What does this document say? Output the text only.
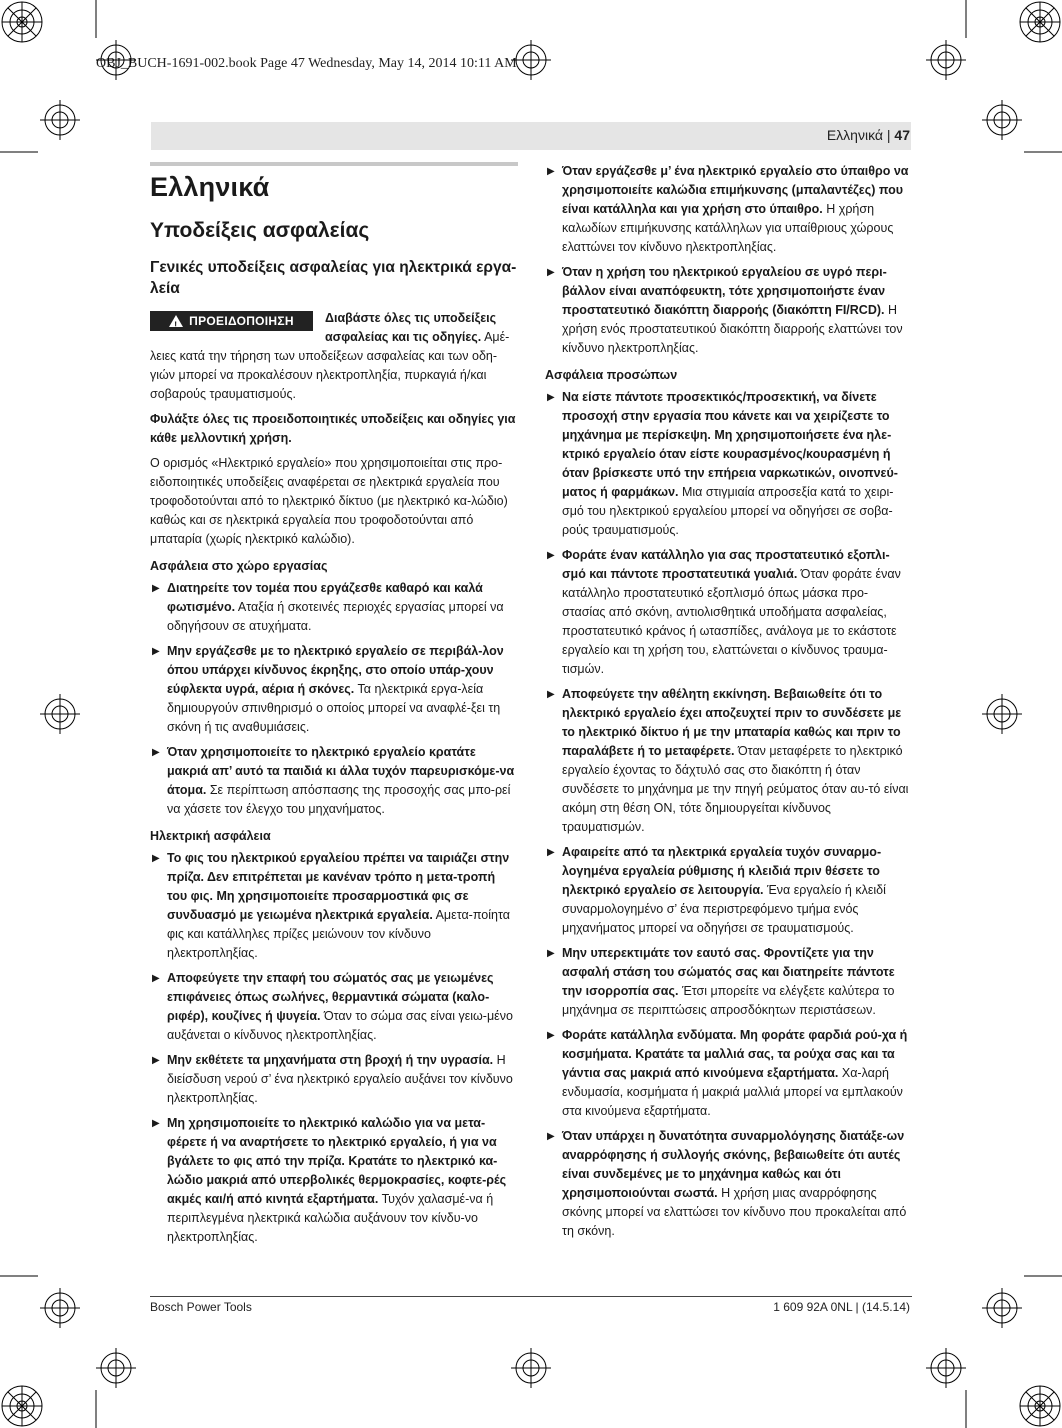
OBJ_BUCH-1691-002.book Page 47 Wednesday, May 14, 2014 10:11 AM
Ελληνικά | 47
Ελληνικά
Υποδείξεις ασφαλείας
Γενικές υποδείξεις ασφαλείας για ηλεκτρικά εργα-λεία

!
ΠΡΟΕΙΔΟΠΟΙΗΣΗ Διαβάστε όλες τις υποδείξεις ασφαλείας και τις οδηγίες. Αμέ-λειες κατά την τήρηση των υποδείξεων ασφαλείας και των οδη-γιών μπορεί να προκαλέσουν ηλεκτροπληξία, πυρκαγιά ή/και σοβαρούς τραυματισμούς.

Φυλάξτε όλες τις προειδοποιητικές υποδείξεις και οδηγίες για κάθε μελλοντική χρήση.

Ο ορισμός «Ηλεκτρικό εργαλείο» που χρησιμοποιείται στις προ-ειδοποιητικές υποδείξεις αναφέρεται σε ηλεκτρικά εργαλεία που τροφοδοτούνται από το ηλεκτρικό δίκτυο (με ηλεκτρικό κα-λώδιο) καθώς και σε ηλεκτρικά εργαλεία που τροφοδοτούνται από μπαταρία (χωρίς ηλεκτρικό καλώδιο).

Ασφάλεια στο χώρο εργασίας
▶ Διατηρείτε τον τομέα που εργάζεσθε καθαρό και καλά φωτισμένο. Αταξία ή σκοτεινές περιοχές εργασίας μπορεί να οδηγήσουν σε ατυχήματα.
▶ Μην εργάζεσθε με το ηλεκτρικό εργαλείο σε περιβάλ-λον όπου υπάρχει κίνδυνος έκρηξης, στο οποίο υπάρ-χουν εύφλεκτα υγρά, αέρια ή σκόνες. Τα ηλεκτρικά εργα-λεία δημιουργούν σπινθηρισμό ο οποίος μπορεί να αναφλέ-ξει τη σκόνη ή τις αναθυμιάσεις.
▶ Όταν χρησιμοποιείτε το ηλεκτρικό εργαλείο κρατάτε μακριά απ’ αυτό τα παιδιά κι άλλα τυχόν παρευρισκόμε-να άτομα. Σε περίπτωση απόσπασης της προσοχής σας μπο-ρεί να χάσετε τον έλεγχο του μηχανήματος.
Ηλεκτρική ασφάλεια
▶ Το φις του ηλεκτρικού εργαλείου πρέπει να ταιριάζει στην πρίζα. Δεν επιτρέπεται με κανέναν τρόπο η μετα-τροπή του φις. Μη χρησιμοποιείτε προσαρμοστικά φις σε συνδυασμό με γειωμένα ηλεκτρικά εργαλεία. Αμετα-ποίητα φις και κατάλληλες πρίζες μειώνουν τον κίνδυνο ηλεκτροπληξίας.
▶ Αποφεύγετε την επαφή του σώματός σας με γειωμένες επιφάνειες όπως σωλήνες, θερμαντικά σώματα (καλο-ριφέρ), κουζίνες ή ψυγεία. Όταν το σώμα σας είναι γειω-μένο αυξάνεται ο κίνδυνος ηλεκτροπληξίας.
▶ Μην εκθέτετε τα μηχανήματα στη βροχή ή την υγρασία. Η διείσδυση νερού σ’ ένα ηλεκτρικό εργαλείο αυξάνει τον κίνδυνο ηλεκτροπληξίας.
▶ Μη χρησιμοποιείτε το ηλεκτρικό καλώδιο για να μετα-φέρετε ή να αναρτήσετε το ηλεκτρικό εργαλείο, ή για να βγάλετε το φις από την πρίζα. Κρατάτε το ηλεκτρικό κα-λώδιο μακριά από υπερβολικές θερμοκρασίες, κοφτε-ρές ακμές και/ή από κινητά εξαρτήματα. Τυχόν χαλασμέ-να ή περιπλεγμένα ηλεκτρικά καλώδια αυξάνουν τον κίνδυ-νο ηλεκτροπληξίας.
▶ Όταν εργάζεσθε μ’ ένα ηλεκτρικό εργαλείο στο ύπαιθρο να χρησιμοποιείτε καλώδια επιμήκυνσης (μπαλαντέζες) που είναι κατάλληλα και για χρήση στο ύπαιθρο. Η χρήση καλωδίων επιμήκυνσης κατάλληλων για υπαίθριους χώρους ελαττώνει τον κίνδυνο ηλεκτροπληξίας.
▶ Όταν η χρήση του ηλεκτρικού εργαλείου σε υγρό περι-βάλλον είναι αναπόφευκτη, τότε χρησιμοποιήστε έναν προστατευτικό διακόπτη διαρροής (διακόπτη FI/RCD). Η χρήση ενός προστατευτικού διακόπτη διαρροής ελαττώνει τον κίνδυνο ηλεκτροπληξίας.
Ασφάλεια προσώπων
▶ Να είστε πάντοτε προσεκτικός/προσεκτική, να δίνετε προσοχή στην εργασία που κάνετε και να χειρίζεστε το μηχάνημα με περίσκεψη. Μη χρησιμοποιήσετε ένα ηλε-κτρικό εργαλείο όταν είστε κουρασμένος/κουρασμένη ή όταν βρίσκεστε υπό την επήρεια ναρκωτικών, οινοπνεύ-ματος ή φαρμάκων. Μια στιγμιαία απροσεξία κατά το χειρι-σμό του ηλεκτρικού εργαλείου μπορεί να οδηγήσει σε σοβα-ρούς τραυματισμούς.
▶ Φοράτε έναν κατάλληλο για σας προστατευτικό εξοπλι-σμό και πάντοτε προστατευτικά γυαλιά. Όταν φοράτε έναν κατάλληλο προστατευτικό εξοπλισμό όπως μάσκα προ-στασίας από σκόνη, αντιολισθητικά υποδήματα ασφαλείας, προστατευτικό κράνος ή ωτασπίδες, ανάλογα με το εκάστοτε εργαλείο και τη χρήση του, ελαττώνεται ο κίνδυνος τραυμα-τισμών.
▶ Αποφεύγετε την αθέλητη εκκίνηση. Βεβαιωθείτε ότι το ηλεκτρικό εργαλείο έχει αποζευχτεί πριν το συνδέσετε με το ηλεκτρικό δίκτυο ή με την μπαταρία καθώς και πριν το παραλάβετε ή το μεταφέρετε. Όταν μεταφέρετε το ηλεκτρικό εργαλείο έχοντας το δάχτυλό σας στο διακόπτη ή όταν συνδέσετε το μηχάνημα με την πηγή ρεύματος όταν αυ-τό είναι ακόμη στη θέση ON, τότε δημιουργείται κίνδυνος τραυματισμών.
▶ Αφαιρείτε από τα ηλεκτρικά εργαλεία τυχόν συναρμο-λογημένα εργαλεία ρύθμισης ή κλειδιά πριν θέσετε το ηλεκτρικό εργαλείο σε λειτουργία. Ένα εργαλείο ή κλειδί συναρμολογημένο σ’ ένα περιστρεφόμενο τμήμα ενός μηχανήματος μπορεί να οδηγήσει σε τραυματισμούς.
▶ Μην υπερεκτιμάτε τον εαυτό σας. Φροντίζετε για την ασφαλή στάση του σώματός σας και διατηρείτε πάντοτε την ισορροπία σας. Έτσι μπορείτε να ελέγξετε καλύτερα το μηχάνημα σε περιπτώσεις απροσδόκητων περιστάσεων.
▶ Φοράτε κατάλληλα ενδύματα. Μη φοράτε φαρδιά ρού-χα ή κοσμήματα. Κρατάτε τα μαλλιά σας, τα ρούχα σας και τα γάντια σας μακριά από κινούμενα εξαρτήματα. Χα-λαρή ενδυμασία, κοσμήματα ή μακριά μαλλιά μπορεί να εμπλακούν στα κινούμενα εξαρτήματα.
▶ Όταν υπάρχει η δυνατότητα συναρμολόγησης διατάξε-ων αναρρόφησης ή συλλογής σκόνης, βεβαιωθείτε ότι αυτές είναι συνδεμένες με το μηχάνημα καθώς και ότι χρησιμοποιούνται σωστά. Η χρήση μιας αναρρόφησης σκόνης μπορεί να ελαττώσει τον κίνδυνο που προκαλείται από τη σκόνη.
Bosch Power Tools	1 609 92A 0NL | (14.5.14)
